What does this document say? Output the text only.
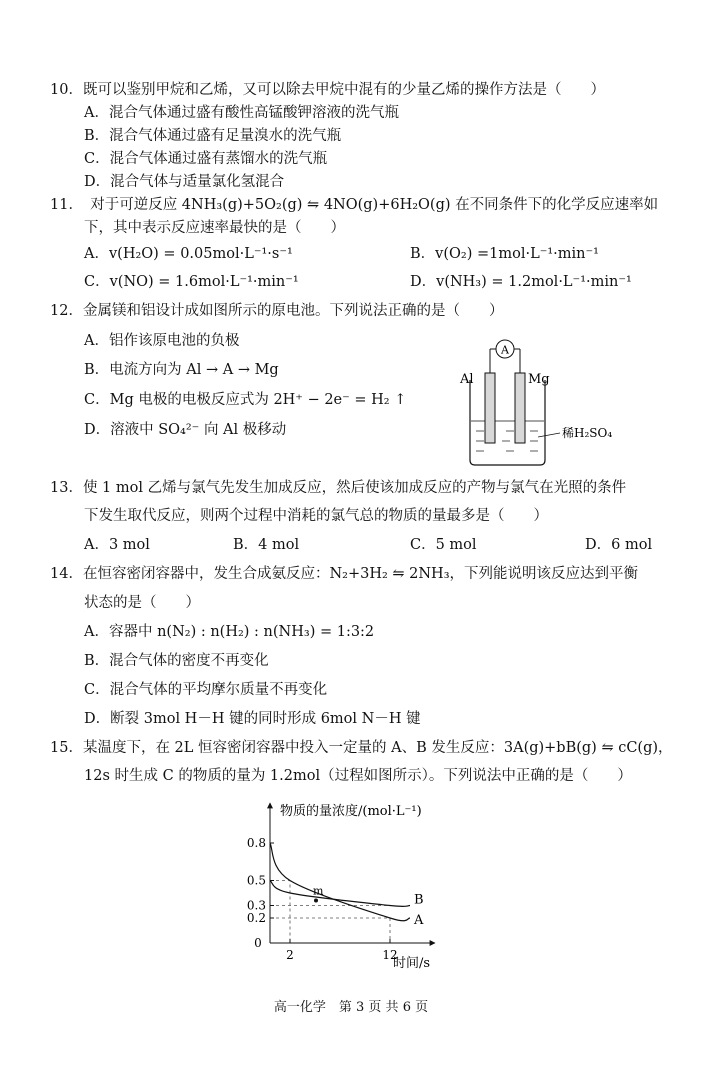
10．既可以鉴别甲烷和乙烯，又可以除去甲烷中混有的少量乙烯的操作方法是（　　）
A．混合气体通过盛有酸性高锰酸钾溶液的洗气瓶
B．混合气体通过盛有足量溴水的洗气瓶
C．混合气体通过盛有蒸馏水的洗气瓶
D．混合气体与适量氯化氢混合
11．　对于可逆反应 4NH₃(g)+5O₂(g) ⇋ 4NO(g)+6H₂O(g) 在不同条件下的化学反应速率如
下，其中表示反应速率最快的是（　　）
A．v(H₂O) = 0.05mol·L⁻¹·s⁻¹	B．v(O₂) =1mol·L⁻¹·min⁻¹
C．v(NO) = 1.6mol·L⁻¹·min⁻¹	D．v(NH₃) = 1.2mol·L⁻¹·min⁻¹
12．金属镁和铝设计成如图所示的原电池。下列说法正确的是（　　）
A．铝作该原电池的负极
B．电流方向为 Al → A → Mg
C．Mg 电极的电极反应式为 2H⁺ − 2e⁻ = H₂ ↑
D．溶液中 SO₄²⁻ 向 Al 极移动
A
Al	Mg
稀H₂SO₄
13．使 1 mol 乙烯与氯气先发生加成反应，然后使该加成反应的产物与氯气在光照的条件
下发生取代反应，则两个过程中消耗的氯气总的物质的量最多是（　　）
A．3 mol	B．4 mol	C．5 mol	D．6 mol
14．在恒容密闭容器中，发生合成氨反应：N₂+3H₂ ⇋ 2NH₃，下列能说明该反应达到平衡
状态的是（　　）
A．容器中 n(N₂) : n(H₂) : n(NH₃) = 1:3:2
B．混合气体的密度不再变化
C．混合气体的平均摩尔质量不再变化
D．断裂 3mol H－H 键的同时形成 6mol N－H 键
15．某温度下，在 2L 恒容密闭容器中投入一定量的 A、B 发生反应：3A(g)+bB(g) ⇋ cC(g)，
12s 时生成 C 的物质的量为 1.2mol（过程如图所示）。下列说法中正确的是（　　）
物质的量浓度/(mol·L⁻¹)
时间/s
0
0.2
0.3
0.5
0.8
2	12
A
B
m
高一化学　第 3 页 共 6 页
